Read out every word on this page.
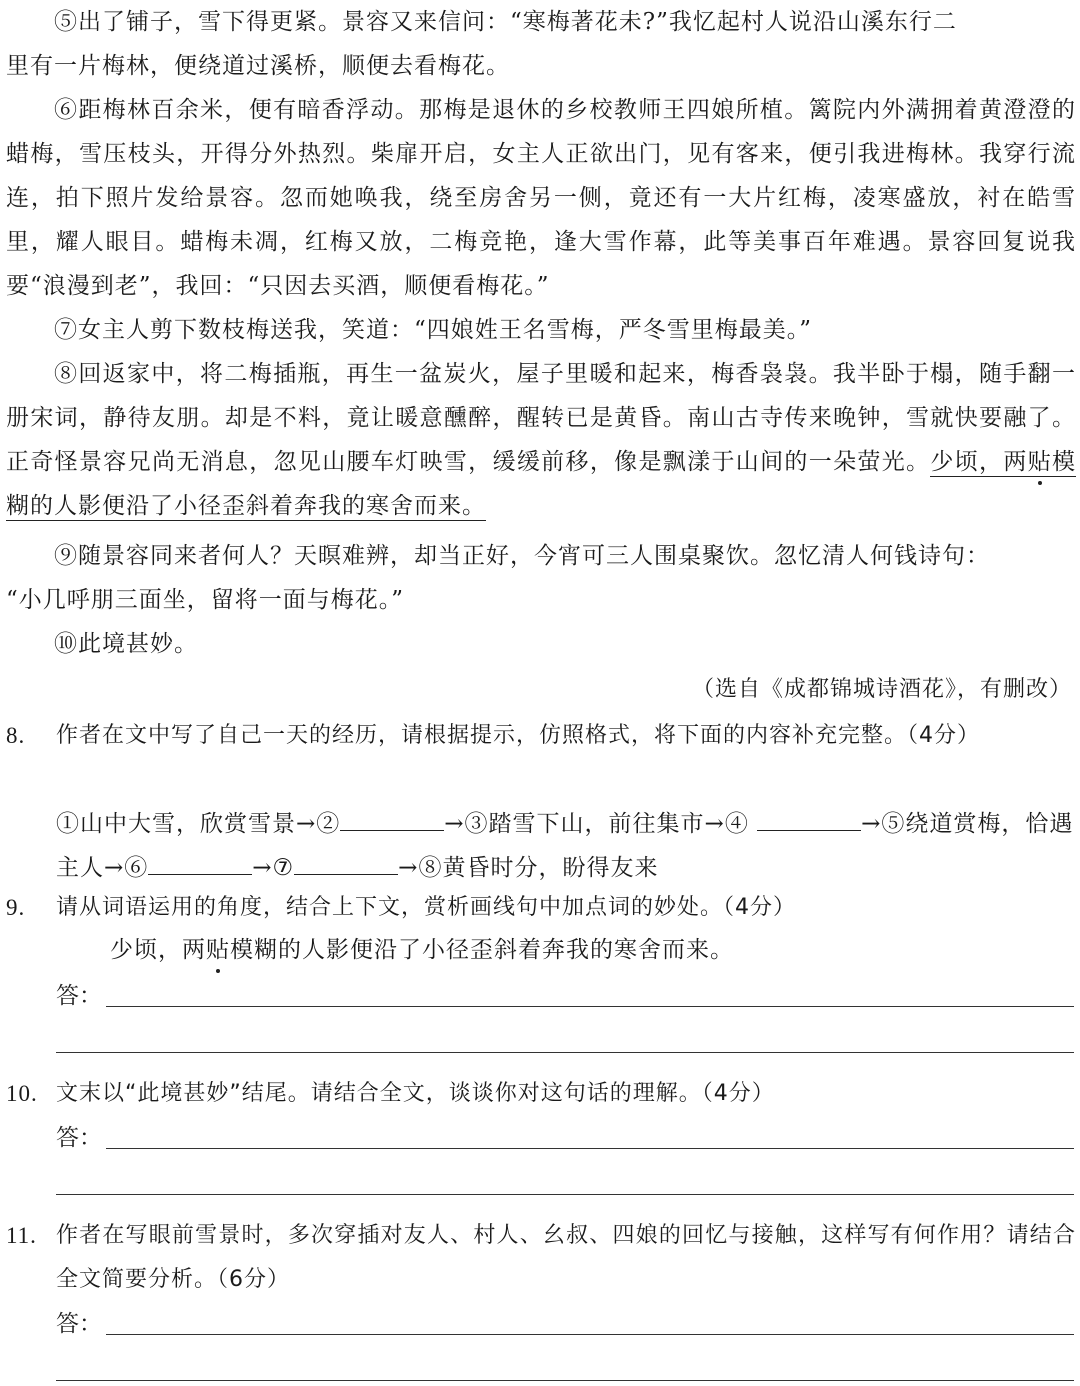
⑤出了铺子，雪下得更紧。景容又来信问：“寒梅著花未?”我忆起村人说沿山溪东行二

里有一片梅林，便绕道过溪桥，顺便去看梅花。

⑥距梅林百余米，便有暗香浮动。那梅是退休的乡校教师王四娘所植。篱院内外满拥着黄澄澄的蜡梅，雪压枝头，开得分外热烈。柴扉开启，女主人正欲出门，见有客来，便引我进梅林。我穿行流连，拍下照片发给景容。忽而她唤我，绕至房舍另一侧，竟还有一大片红梅，凌寒盛放，衬在皓雪里，耀人眼目。蜡梅未凋，红梅又放，二梅竞艳，逢大雪作幕，此等美事百年难遇。景容回复说我要“浪漫到老”，我回：“只因去买酒，顺便看梅花。”

⑦女主人剪下数枝梅送我，笑道：“四娘姓王名雪梅，严冬雪里梅最美。”

⑧回返家中，将二梅插瓶，再生一盆炭火，屋子里暖和起来，梅香袅袅。我半卧于榻，随手翻一册宋词，静待友朋。却是不料，竟让暖意醺醉，醒转已是黄昏。南山古寺传来晚钟，雪就快要融了。正奇怪景容兄尚无消息，忽见山腰车灯映雪，缓缓前移，像是飘漾于山间的一朵萤光。少顷，两贴模糊的人影便沿了小径歪斜着奔我的寒舍而来。

⑨随景容同来者何人？天暝难辨，却当正好，今宵可三人围桌聚饮。忽忆清人何钱诗句：

“小几呼朋三面坐，留将一面与梅花。”

⑩此境甚妙。

（选自《成都锦城诗酒花》，有删改）
8. 作者在文中写了自己一天的经历，请根据提示，仿照格式，将下面的内容补充完整。（4分）

①山中大雪，欣赏雪景→②	→③踏雪下山，前往集市→④	→⑤绕道赏梅，恰遇主人→⑥	→⑦	→⑧黄昏时分，盼得友来

9. 请从词语运用的角度，结合上下文，赏析画线句中加点词的妙处。（4分）

少顷，两贴模糊的人影便沿了小径歪斜着奔我的寒舍而来。
答：
10. 文末以“此境甚妙”结尾。请结合全文，谈谈你对这句话的理解。（4分）

答：
11. 作者在写眼前雪景时，多次穿插对友人、村人、幺叔、四娘的回忆与接触，这样写有何作用？请结合全文简要分析。（6分）

答：
